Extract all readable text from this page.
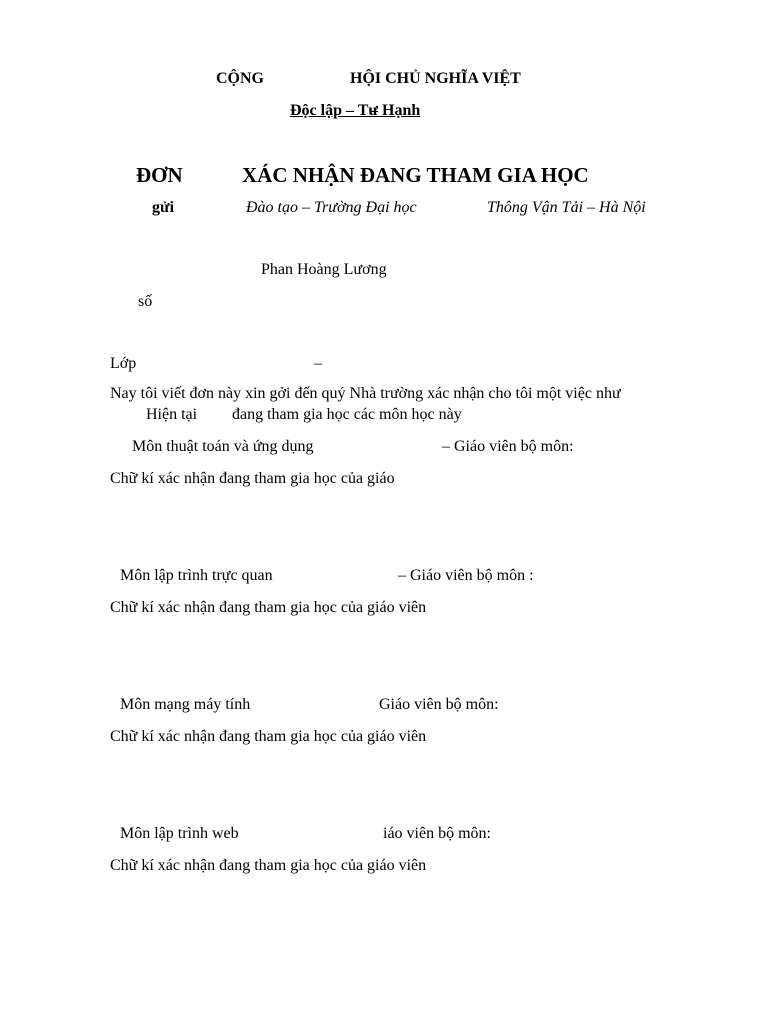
CỘNG	HỘI CHỦ NGHĨA VIỆT
Độc lập – Tư
– Hạnh
ĐƠN	XÁC NHẬN ĐANG THAM GIA HỌC
gửi	Đào tạo – Trường Đại học	Thông Vận Tải – Hà Nội
Phan Hoàng Lương
số
Lớp	–
Nay tôi viết đơn này xin gởi đến quý Nhà trường xác nhận cho tôi một việc như
Hiện tại đang tham gia học các môn học này
Môn thuật toán và ứng dụng	– Giáo viên bộ môn:
Chữ kí xác nhận đang tham gia học của giáo
Môn lập trình trực quan	– Giáo viên bộ môn :
Chữ kí xác nhận đang tham gia học của giáo viên
Môn mạng máy tính	Giáo viên bộ môn:
Chữ kí xác nhận đang tham gia học của giáo viên
Môn lập trình web	iáo viên bộ môn:
Chữ kí xác nhận đang tham gia học của giáo viên
